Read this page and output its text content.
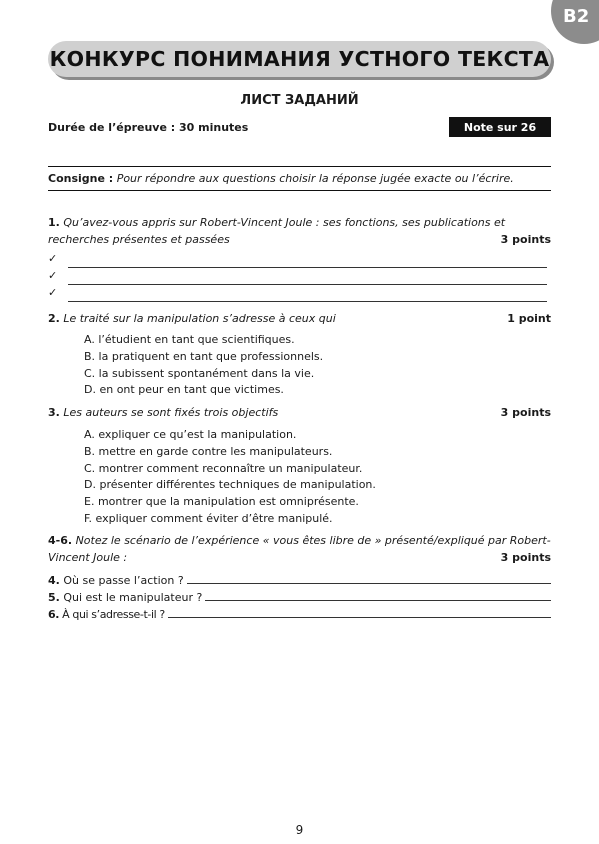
B2
КОНКУРС ПОНИМАНИЯ УСТНОГО ТЕКСТА
ЛИСТ ЗАДАНИЙ
Durée de l’épreuve : 30 minutes	Note sur 26
Consigne : Pour répondre aux questions choisir la réponse jugée exacte ou l’écrire.
1. Qu’avez-vous appris sur Robert-Vincent Joule : ses fonctions, ses publications et
recherches présentes et passées	3 points
✓
✓
✓
2. Le traité sur la manipulation s’adresse à ceux qui	1 point
A. l’étudient en tant que scientifiques.
B. la pratiquent en tant que professionnels.
C. la subissent spontanément dans la vie.
D. en ont peur en tant que victimes.
3. Les auteurs se sont fixés trois objectifs	3 points
A. expliquer ce qu’est la manipulation.
B. mettre en garde contre les manipulateurs.
C. montrer comment reconnaître un manipulateur.
D. présenter différentes techniques de manipulation.
E. montrer que la manipulation est omniprésente.
F. expliquer comment éviter d’être manipulé.
4-6. Notez le scénario de l’expérience « vous êtes libre de » présenté/expliqué par Robert-
Vincent Joule :	3 points
4. Où se passe l’action ?
5. Qui est le manipulateur ?
6. À qui s’adresse-t-il ?
9
